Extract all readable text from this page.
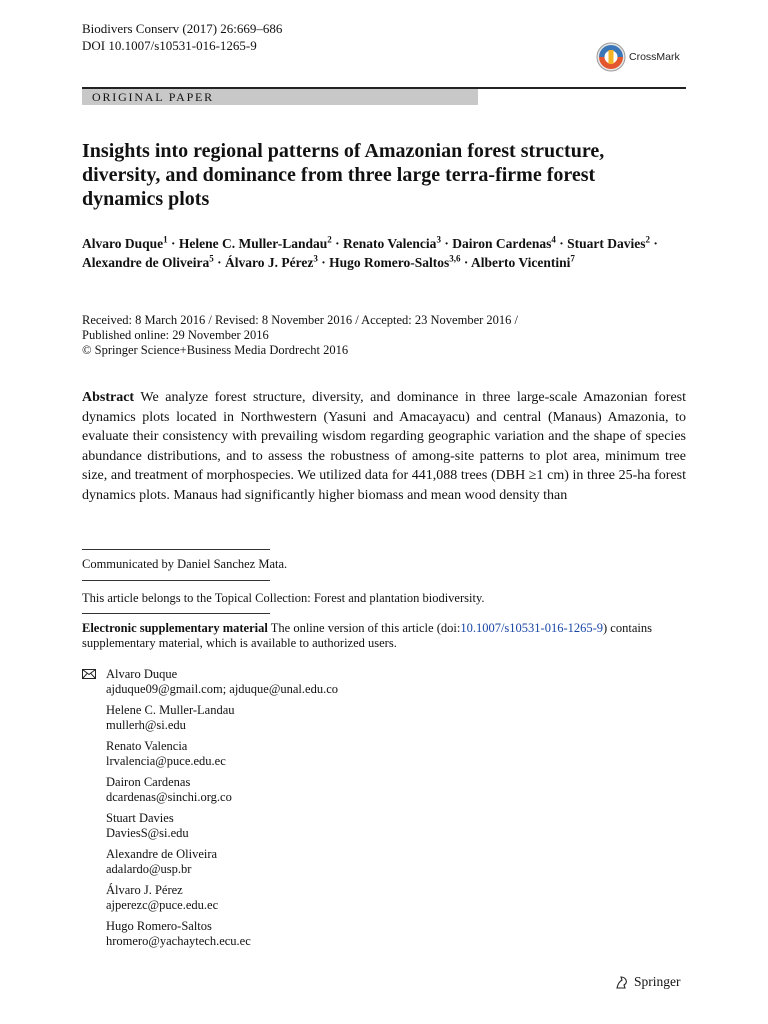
Biodivers Conserv (2017) 26:669–686
DOI 10.1007/s10531-016-1265-9
CrossMark
ORIGINAL PAPER
Insights into regional patterns of Amazonian forest structure, diversity, and dominance from three large terra-firme forest dynamics plots
Alvaro Duque$^1$ · Helene C. Muller-Landau$^2$ · Renato Valencia$^3$ · Dairon Cardenas$^4$ · Stuart Davies$^2$ · Alexandre de Oliveira$^5$ · Álvaro J. Pérez$^3$ · Hugo Romero-Saltos$^{3,6}$ · Alberto Vicentini$^7$
Received: 8 March 2016 / Revised: 8 November 2016 / Accepted: 23 November 2016 /
Published online: 29 November 2016
© Springer Science+Business Media Dordrecht 2016

Abstract We analyze forest structure, diversity, and dominance in three large-scale Amazonian forest dynamics plots located in Northwestern (Yasuni and Amacayacu) and central (Manaus) Amazonia, to evaluate their consistency with prevailing wisdom regarding geographic variation and the shape of species abundance distributions, and to assess the robustness of among-site patterns to plot area, minimum tree size, and treatment of morphospecies. We utilized data for 441,088 trees (DBH ≥1 cm) in three 25-ha forest dynamics plots. Manaus had significantly higher biomass and mean wood density than

Communicated by Daniel Sanchez Mata.
This article belongs to the Topical Collection: Forest and plantation biodiversity.
Electronic supplementary material The online version of this article (doi:10.1007/s10531-016-1265-9) contains supplementary material, which is available to authorized users.
Alvaro Duque
ajduque09@gmail.com; ajduque@unal.edu.co
Helene C. Muller-Landau
mullerh@si.edu
Renato Valencia
lrvalencia@puce.edu.ec
Dairon Cardenas
dcardenas@sinchi.org.co
Stuart Davies
DaviesS@si.edu
Alexandre de Oliveira
adalardo@usp.br
Álvaro J. Pérez
ajperezc@puce.edu.ec
Hugo Romero-Saltos
hromero@yachaytech.ecu.ec
Springer
